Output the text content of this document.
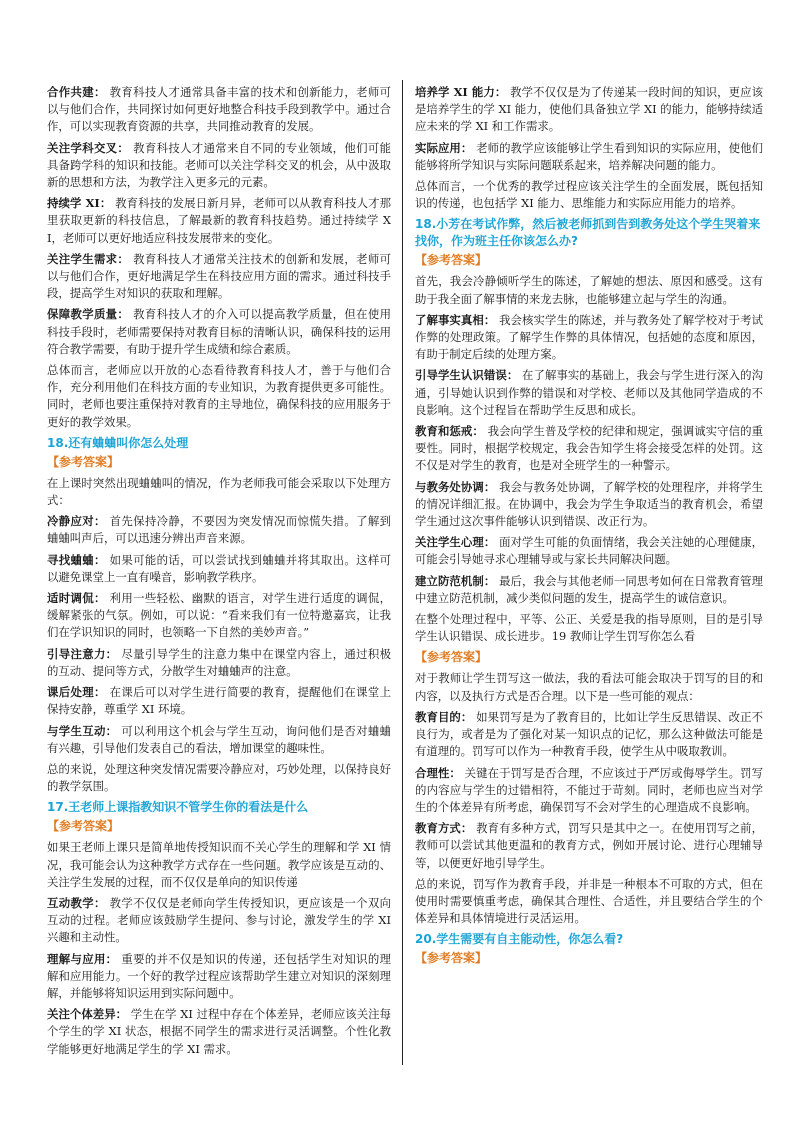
合作共建： 教育科技人才通常具备丰富的技术和创新能力，老师可以与他们合作，共同探讨如何更好地整合科技手段到教学中。通过合作，可以实现教育资源的共享，共同推动教育的发展。

关注学科交叉： 教育科技人才通常来自不同的专业领域，他们可能具备跨学科的知识和技能。老师可以关注学科交叉的机会，从中汲取新的思想和方法，为教学注入更多元的元素。

持续学 XI： 教育科技的发展日新月异，老师可以从教育科技人才那里获取更新的科技信息，了解最新的教育科技趋势。通过持续学 XI，老师可以更好地适应科技发展带来的变化。

关注学生需求： 教育科技人才通常关注技术的创新和发展，老师可以与他们合作，更好地满足学生在科技应用方面的需求。通过科技手段，提高学生对知识的获取和理解。

保障教学质量： 教育科技人才的介入可以提高教学质量，但在使用科技手段时，老师需要保持对教育目标的清晰认识，确保科技的运用符合教学需要，有助于提升学生成绩和综合素质。

总体而言，老师应以开放的心态看待教育科技人才，善于与他们合作，充分利用他们在科技方面的专业知识，为教育提供更多可能性。同时，老师也要注重保持对教育的主导地位，确保科技的应用服务于更好的教学效果。

18.还有蛐蛐叫你怎么处理
【参考答案】

在上课时突然出现蛐蛐叫的情况，作为老师我可能会采取以下处理方式：

冷静应对： 首先保持冷静，不要因为突发情况而惊慌失措。了解到蛐蛐叫声后，可以迅速分辨出声音来源。

寻找蛐蛐： 如果可能的话，可以尝试找到蛐蛐并将其取出。这样可以避免课堂上一直有噪音，影响教学秩序。

适时调侃： 利用一些轻松、幽默的语言，对学生进行适度的调侃，缓解紧张的气氛。例如，可以说：“看来我们有一位特邀嘉宾，让我们在学识知识的同时，也领略一下自然的美妙声音。”

引导注意力： 尽量引导学生的注意力集中在课堂内容上，通过积极的互动、提问等方式，分散学生对蛐蛐声的注意。

课后处理： 在课后可以对学生进行简要的教育，提醒他们在课堂上保持安静，尊重学 XI 环境。

与学生互动： 可以利用这个机会与学生互动，询问他们是否对蛐蛐有兴趣，引导他们发表自己的看法，增加课堂的趣味性。

总的来说，处理这种突发情况需要冷静应对，巧妙处理，以保持良好的教学氛围。

17.王老师上课指教知识不管学生你的看法是什么
【参考答案】

如果王老师上课只是简单地传授知识而不关心学生的理解和学 XI 情况，我可能会认为这种教学方式存在一些问题。教学应该是互动的、关注学生发展的过程，而不仅仅是单向的知识传递

互动教学： 教学不仅仅是老师向学生传授知识，更应该是一个双向互动的过程。老师应该鼓励学生提问、参与讨论，激发学生的学 XI 兴趣和主动性。

理解与应用： 重要的并不仅是知识的传递，还包括学生对知识的理解和应用能力。一个好的教学过程应该帮助学生建立对知识的深刻理解，并能够将知识运用到实际问题中。

关注个体差异： 学生在学 XI 过程中存在个体差异，老师应该关注每个学生的学 XI 状态，根据不同学生的需求进行灵活调整。个性化教学能够更好地满足学生的学 XI 需求。

培养学 XI 能力： 教学不仅仅是为了传递某一段时间的知识，更应该是培养学生的学 XI 能力，使他们具备独立学 XI 的能力，能够持续适应未来的学 XI 和工作需求。

实际应用： 老师的教学应该能够让学生看到知识的实际应用，使他们能够将所学知识与实际问题联系起来，培养解决问题的能力。

总体而言，一个优秀的教学过程应该关注学生的全面发展，既包括知识的传递，也包括学 XI 能力、思维能力和实际应用能力的培养。

18.小芳在考试作弊，然后被老师抓到告到教务处这个学生哭着来找你，作为班主任你该怎么办?
【参考答案】

首先，我会冷静倾听学生的陈述，了解她的想法、原因和感受。这有助于我全面了解事情的来龙去脉，也能够建立起与学生的沟通。

了解事实真相： 我会核实学生的陈述，并与教务处了解学校对于考试作弊的处理政策。了解学生作弊的具体情况，包括她的态度和原因，有助于制定后续的处理方案。

引导学生认识错误： 在了解事实的基础上，我会与学生进行深入的沟通，引导她认识到作弊的错误和对学校、老师以及其他同学造成的不良影响。这个过程旨在帮助学生反思和成长。

教育和惩戒： 我会向学生普及学校的纪律和规定，强调诚实守信的重要性。同时，根据学校规定，我会告知学生将会接受怎样的处罚。这不仅是对学生的教育，也是对全班学生的一种警示。

与教务处协调： 我会与教务处协调，了解学校的处理程序，并将学生的情况详细汇报。在协调中，我会为学生争取适当的教育机会，希望学生通过这次事件能够认识到错误、改正行为。

关注学生心理： 面对学生可能的负面情绪，我会关注她的心理健康，可能会引导她寻求心理辅导或与家长共同解决问题。

建立防范机制： 最后，我会与其他老师一同思考如何在日常教育管理中建立防范机制，减少类似问题的发生，提高学生的诚信意识。

在整个处理过程中，平等、公正、关爱是我的指导原则，目的是引导学生认识错误、成长进步。19 教师让学生罚写你怎么看

【参考答案】

对于教师让学生罚写这一做法，我的看法可能会取决于罚写的目的和内容，以及执行方式是否合理。以下是一些可能的观点：

教育目的： 如果罚写是为了教育目的，比如让学生反思错误、改正不良行为，或者是为了强化对某一知识点的记忆，那么这种做法可能是有道理的。罚写可以作为一种教育手段，使学生从中吸取教训。

合理性： 关键在于罚写是否合理，不应该过于严厉或侮辱学生。罚写的内容应与学生的过错相符，不能过于苛刻。同时，老师也应当对学生的个体差异有所考虑，确保罚写不会对学生的心理造成不良影响。

教育方式： 教育有多种方式，罚写只是其中之一。在使用罚写之前，教师可以尝试其他更温和的教育方式，例如开展讨论、进行心理辅导等，以便更好地引导学生。

总的来说，罚写作为教育手段，并非是一种根本不可取的方式，但在使用时需要慎重考虑，确保其合理性、合适性，并且要结合学生的个体差异和具体情境进行灵活运用。

20.学生需要有自主能动性，你怎么看?
【参考答案】
